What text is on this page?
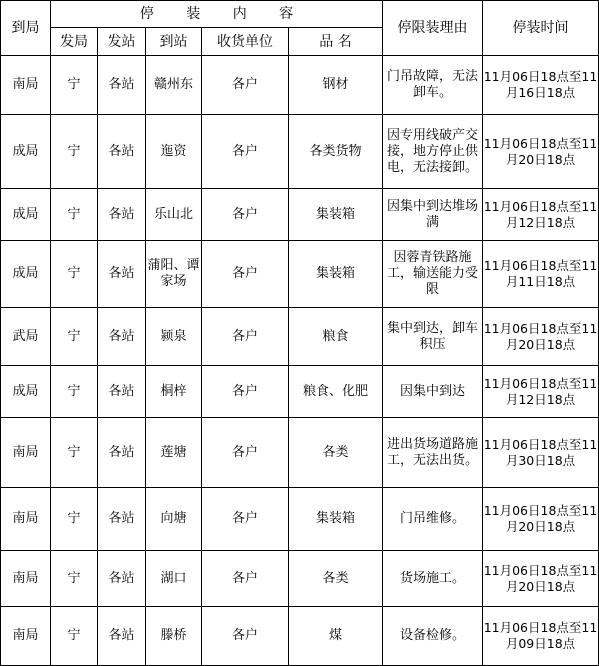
到局	停 装 内 容					停限装理由	停装时间
	发局	发站	到站	收货单位	品 名		
南局	宁	各站	赣州东	各户	钢材	门吊故障，无法卸车。	11月06日18点至11月16日18点
成局	宁	各站	迤资	各户	各类货物	因专用线破产交接，地方停止供电，无法接卸。	11月06日18点至11月20日18点
成局	宁	各站	乐山北	各户	集装箱	因集中到达堆场满	11月06日18点至11月12日18点
成局	宁	各站	蒲阳、谭家场	各户	集装箱	因蓉青铁路施工，输送能力受限	11月06日18点至11月11日18点
武局	宁	各站	颍泉	各户	粮食	集中到达，卸车积压	11月06日18点至11月20日18点
成局	宁	各站	桐梓	各户	粮食、化肥	因集中到达	11月06日18点至11月12日18点
南局	宁	各站	莲塘	各户	各类	进出货场道路施工，无法出货。	11月06日18点至11月30日18点
南局	宁	各站	向塘	各户	集装箱	门吊维修。	11月06日18点至11月20日18点
南局	宁	各站	湖口	各户	各类	货场施工。	11月06日18点至11月20日18点
南局	宁	各站	滕桥	各户	煤	设备检修。	11月06日18点至11月09日18点
